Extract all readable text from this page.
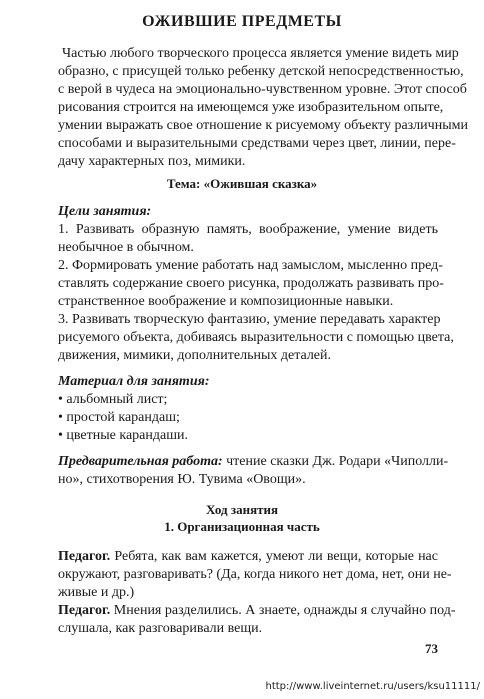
ОЖИВШИЕ ПРЕДМЕТЫ
Частью любого творческого процесса является умение видеть мир
образно, с присущей только ребенку детской непосредственностью,
с верой в чудеса на эмоционально-чувственном уровне. Этот способ
рисования строится на имеющемся уже изобразительном опыте,
умении выражать свое отношение к рисуемому объекту различными
способами и выразительными средствами через цвет, линии, пере-
дачу характерных поз, мимики.
Тема: «Ожившая сказка»
Цели занятия:
1. Развивать образную память, воображение, умение видеть
необычное в обычном.
2. Формировать умение работать над замыслом, мысленно пред-
ставлять содержание своего рисунка, продолжать развивать про-
странственное воображение и композиционные навыки.
3. Развивать творческую фантазию, умение передавать характер
рисуемого объекта, добиваясь выразительности с помощью цвета,
движения, мимики, дополнительных деталей.
Материал для занятия:
• альбомный лист;
• простой карандаш;
• цветные карандаши.
Предварительная работа: чтение сказки Дж. Родари «Чиполли-
но», стихотворения Ю. Тувима «Овощи».
Ход занятия
1. Организационная часть
Педагог. Ребята, как вам кажется, умеют ли вещи, которые нас
окружают, разговаривать? (Да, когда никого нет дома, нет, они не-
живые и др.)
Педагог. Мнения разделились. А знаете, однажды я случайно под-
слушала, как разговаривали вещи.
73
http://www.liveinternet.ru/users/ksu11111/
